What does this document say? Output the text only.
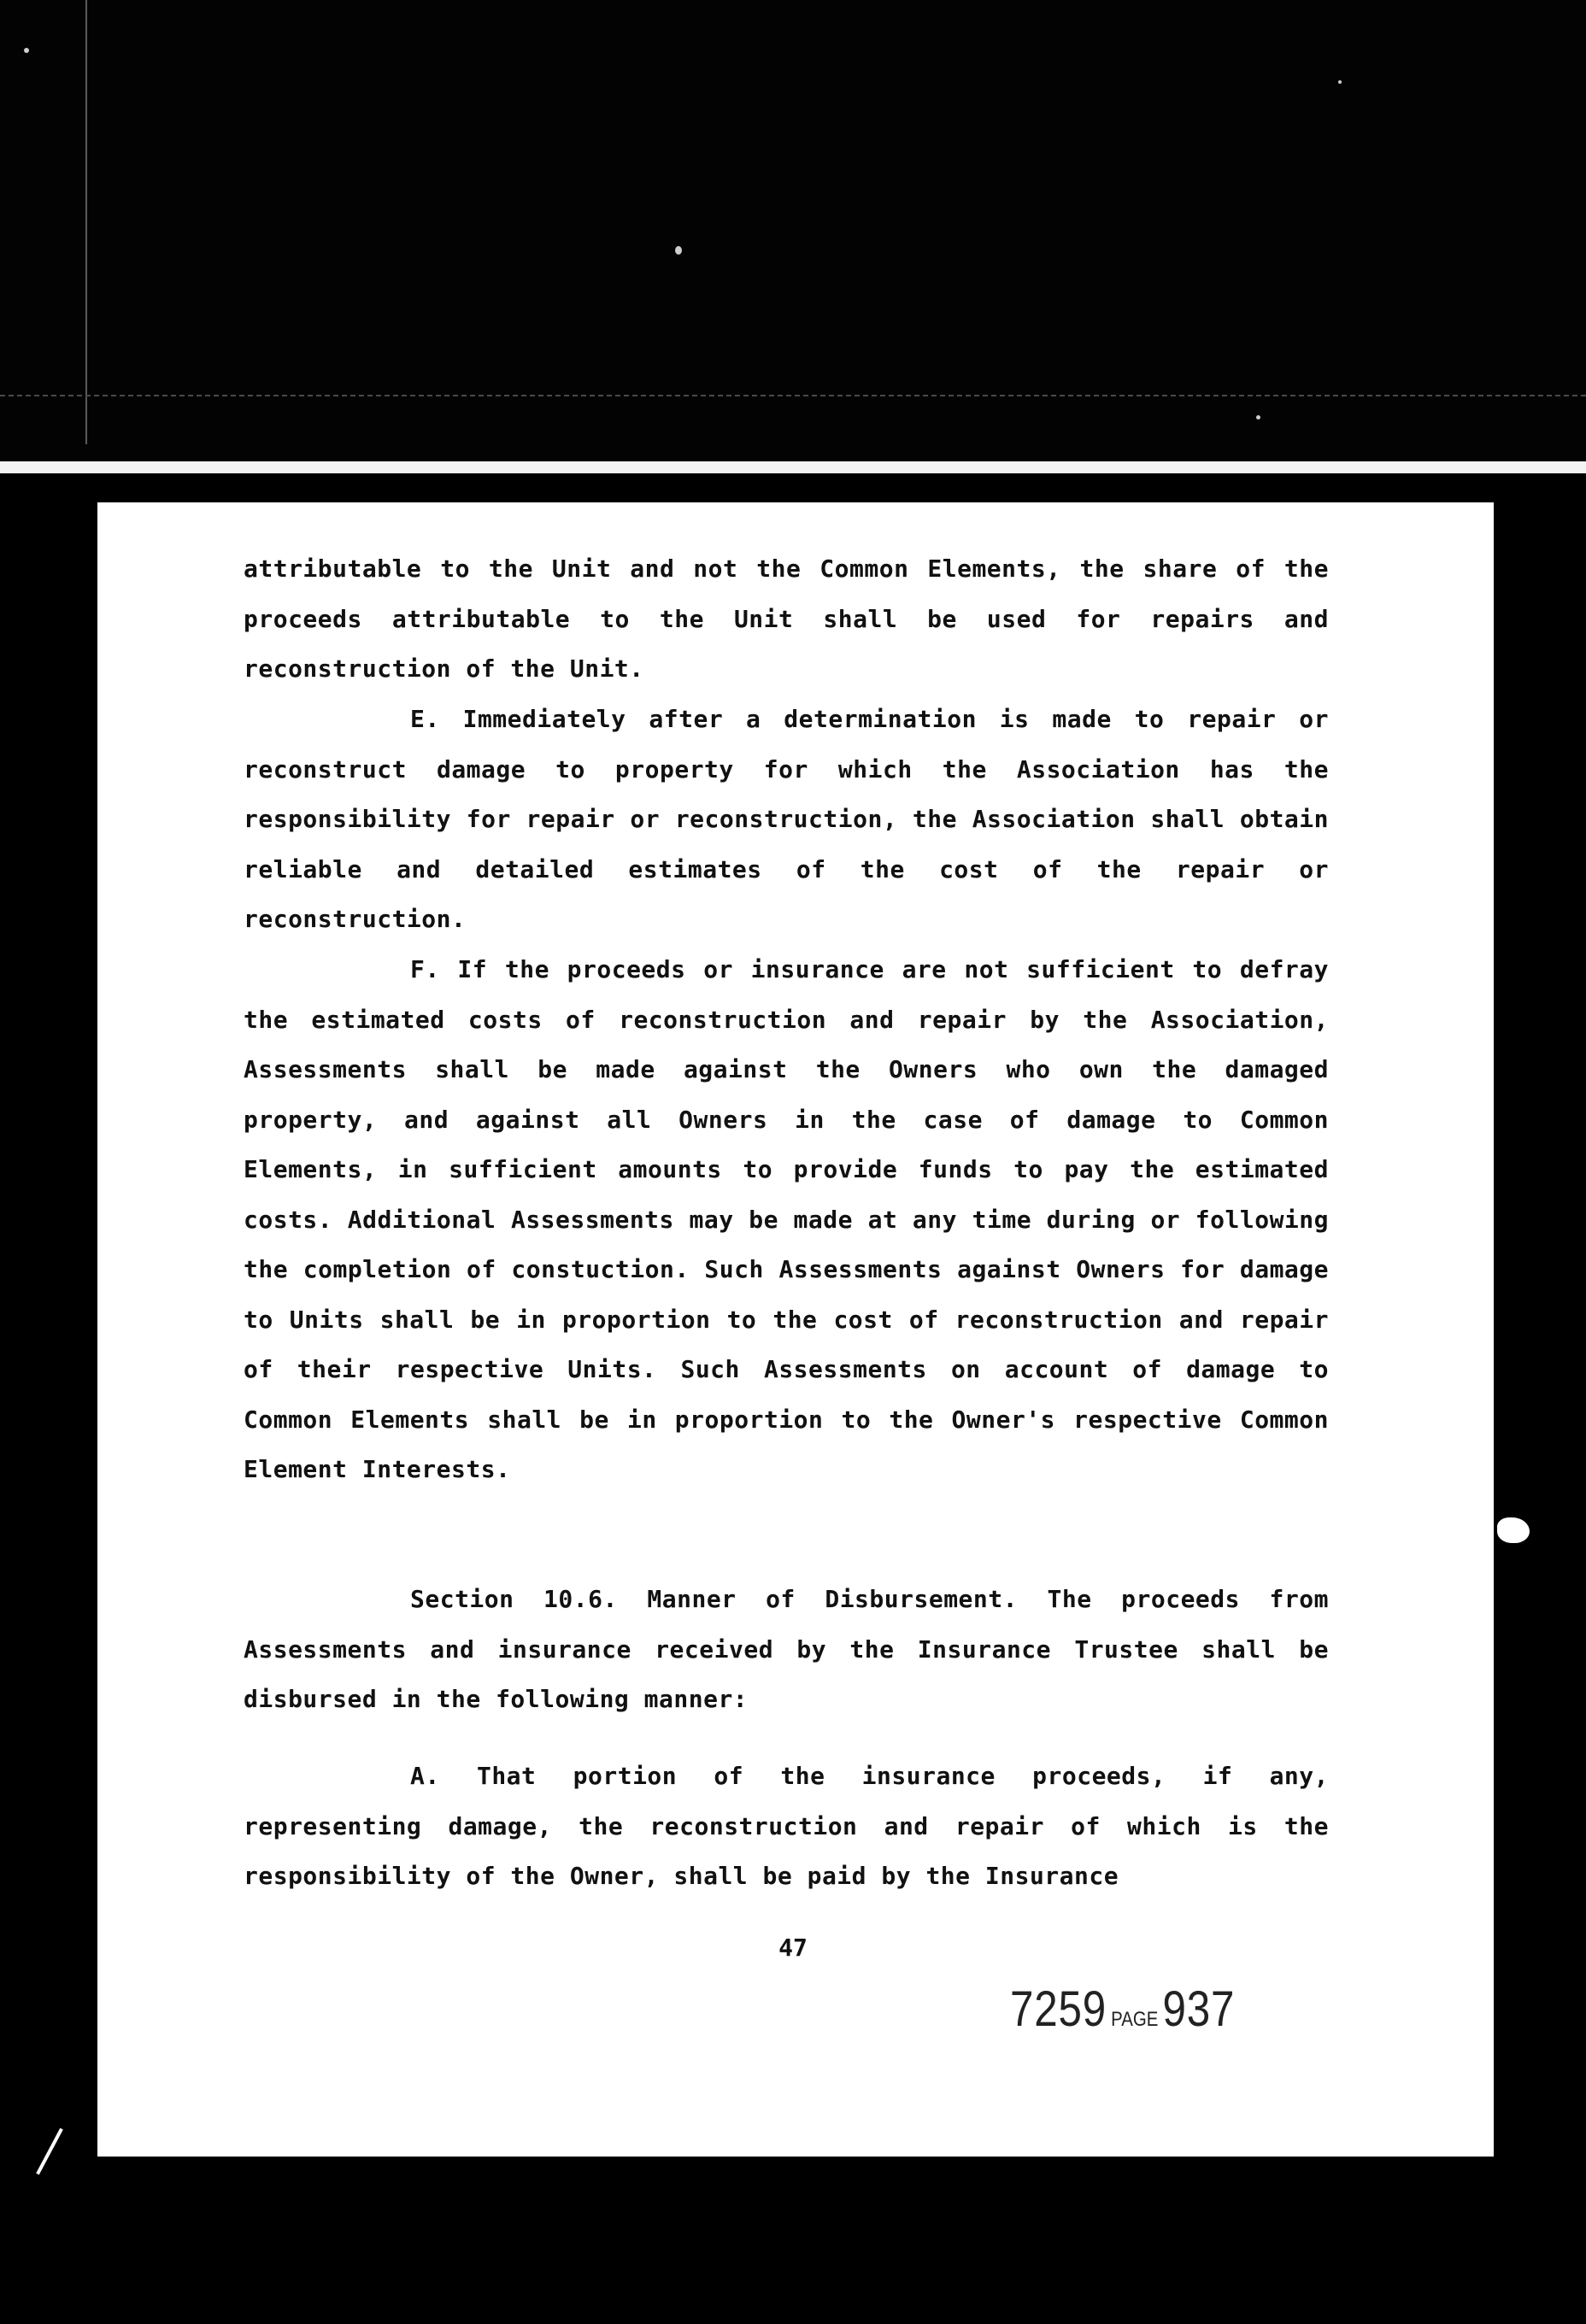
attributable to the Unit and not the Common Elements, the share of the proceeds attributable to the Unit shall be used for repairs and reconstruction of the Unit.

E. Immediately after a determination is made to repair or reconstruct damage to property for which the Association has the responsibility for repair or reconstruction, the Association shall obtain reliable and detailed estimates of the cost of the repair or reconstruction.

F. If the proceeds or insurance are not sufficient to defray the estimated costs of reconstruction and repair by the Association, Assessments shall be made against the Owners who own the damaged property, and against all Owners in the case of damage to Common Elements, in sufficient amounts to provide funds to pay the estimated costs. Additional Assessments may be made at any time during or following the completion of constuction. Such Assessments against Owners for damage to Units shall be in proportion to the cost of reconstruction and repair of their respective Units. Such Assessments on account of damage to Common Elements shall be in proportion to the Owner's respective Common Element Interests.

Section 10.6. Manner of Disbursement. The proceeds from Assessments and insurance received by the Insurance Trustee shall be disbursed in the following manner:

A. That portion of the insurance proceeds, if any, representing damage, the reconstruction and repair of which is the responsibility of the Owner, shall be paid by the Insurance

47
7259 PAGE937
(
(
